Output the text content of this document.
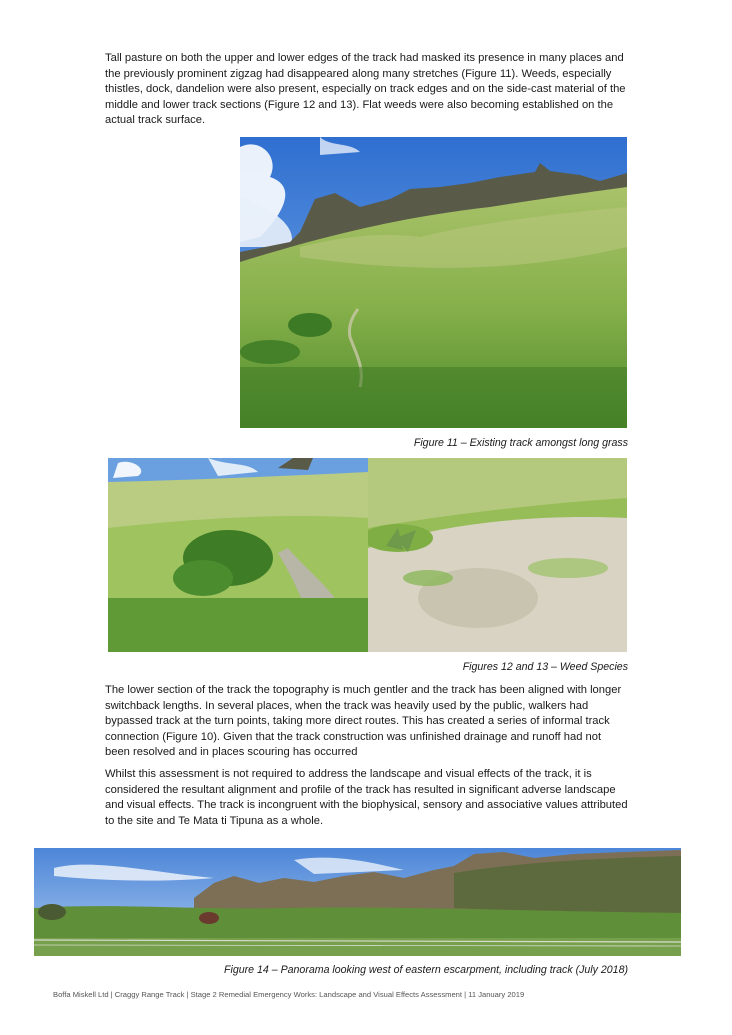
Tall pasture on both the upper and lower edges of the track had masked its presence in many places and the previously prominent zigzag had disappeared along many stretches (Figure 11). Weeds, especially thistles, dock, dandelion were also present, especially on track edges and on the side-cast material of the middle and lower track sections (Figure 12 and 13). Flat weeds were also becoming established on the actual track surface.

Figure 11 – Existing track amongst long grass

Figures 12 and 13 – Weed Species

The lower section of the track the topography is much gentler and the track has been aligned with longer switchback lengths. In several places, when the track was heavily used by the public, walkers had bypassed track at the turn points, taking more direct routes. This has created a series of informal track connection (Figure 10). Given that the track construction was unfinished drainage and runoff had not been resolved and in places scouring has occurred

Whilst this assessment is not required to address the landscape and visual effects of the track, it is considered the resultant alignment and profile of the track has resulted in significant adverse landscape and visual effects. The track is incongruent with the biophysical, sensory and associative values attributed to the site and Te Mata ti Tipuna as a whole.

Figure 14 – Panorama looking west of eastern escarpment, including track (July 2018)

Boffa Miskell Ltd | Craggy Range Track | Stage 2 Remedial Emergency Works: Landscape and Visual Effects Assessment | 11 January 2019
